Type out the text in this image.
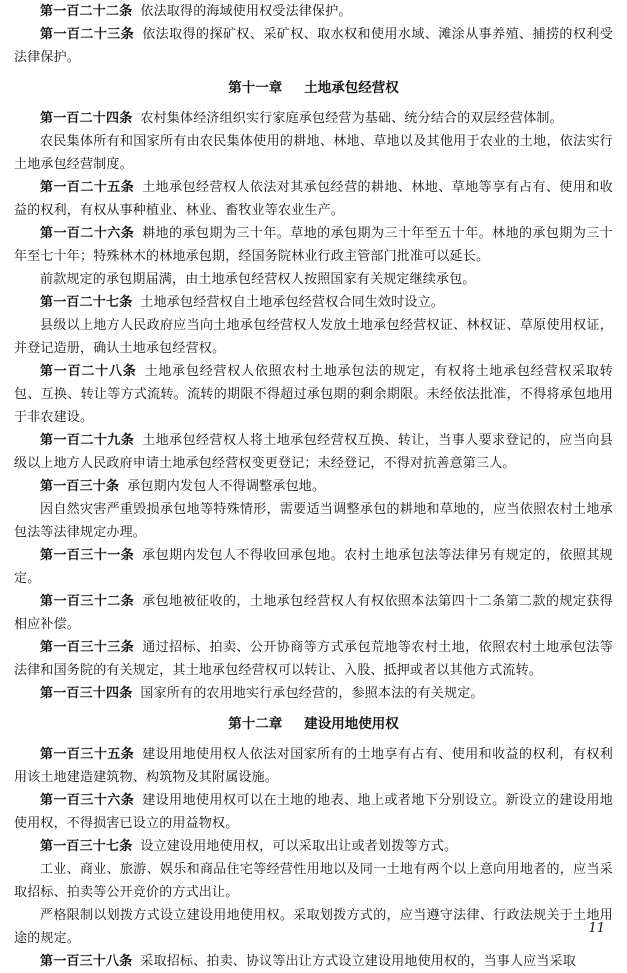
第一百二十二条 依法取得的海域使用权受法律保护。

第一百二十三条 依法取得的探矿权、采矿权、取水权和使用水域、滩涂从事养殖、捕捞的权利受法律保护。

第十一章 土地承包经营权

第一百二十四条 农村集体经济组织实行家庭承包经营为基础、统分结合的双层经营体制。

农民集体所有和国家所有由农民集体使用的耕地、林地、草地以及其他用于农业的土地，依法实行土地承包经营制度。

第一百二十五条 土地承包经营权人依法对其承包经营的耕地、林地、草地等享有占有、使用和收益的权利，有权从事种植业、林业、畜牧业等农业生产。

第一百二十六条 耕地的承包期为三十年。草地的承包期为三十年至五十年。林地的承包期为三十年至七十年；特殊林木的林地承包期，经国务院林业行政主管部门批准可以延长。

前款规定的承包期届满，由土地承包经营权人按照国家有关规定继续承包。

第一百二十七条 土地承包经营权自土地承包经营权合同生效时设立。

县级以上地方人民政府应当向土地承包经营权人发放土地承包经营权证、林权证、草原使用权证，并登记造册，确认土地承包经营权。

第一百二十八条 土地承包经营权人依照农村土地承包法的规定，有权将土地承包经营权采取转包、互换、转让等方式流转。流转的期限不得超过承包期的剩余期限。未经依法批准，不得将承包地用于非农建设。

第一百二十九条 土地承包经营权人将土地承包经营权互换、转让，当事人要求登记的，应当向县级以上地方人民政府申请土地承包经营权变更登记；未经登记，不得对抗善意第三人。

第一百三十条 承包期内发包人不得调整承包地。

因自然灾害严重毁损承包地等特殊情形，需要适当调整承包的耕地和草地的，应当依照农村土地承包法等法律规定办理。

第一百三十一条 承包期内发包人不得收回承包地。农村土地承包法等法律另有规定的，依照其规定。

第一百三十二条 承包地被征收的，土地承包经营权人有权依照本法第四十二条第二款的规定获得相应补偿。

第一百三十三条 通过招标、拍卖、公开协商等方式承包荒地等农村土地，依照农村土地承包法等法律和国务院的有关规定，其土地承包经营权可以转让、入股、抵押或者以其他方式流转。

第一百三十四条 国家所有的农用地实行承包经营的，参照本法的有关规定。

第十二章 建设用地使用权

第一百三十五条 建设用地使用权人依法对国家所有的土地享有占有、使用和收益的权利，有权利用该土地建造建筑物、构筑物及其附属设施。

第一百三十六条 建设用地使用权可以在土地的地表、地上或者地下分别设立。新设立的建设用地使用权，不得损害已设立的用益物权。

第一百三十七条 设立建设用地使用权，可以采取出让或者划拨等方式。

工业、商业、旅游、娱乐和商品住宅等经营性用地以及同一土地有两个以上意向用地者的，应当采取招标、拍卖等公开竞价的方式出让。

严格限制以划拨方式设立建设用地使用权。采取划拨方式的，应当遵守法律、行政法规关于土地用途的规定。

第一百三十八条 采取招标、拍卖、协议等出让方式设立建设用地使用权的，当事人应当采取

11
